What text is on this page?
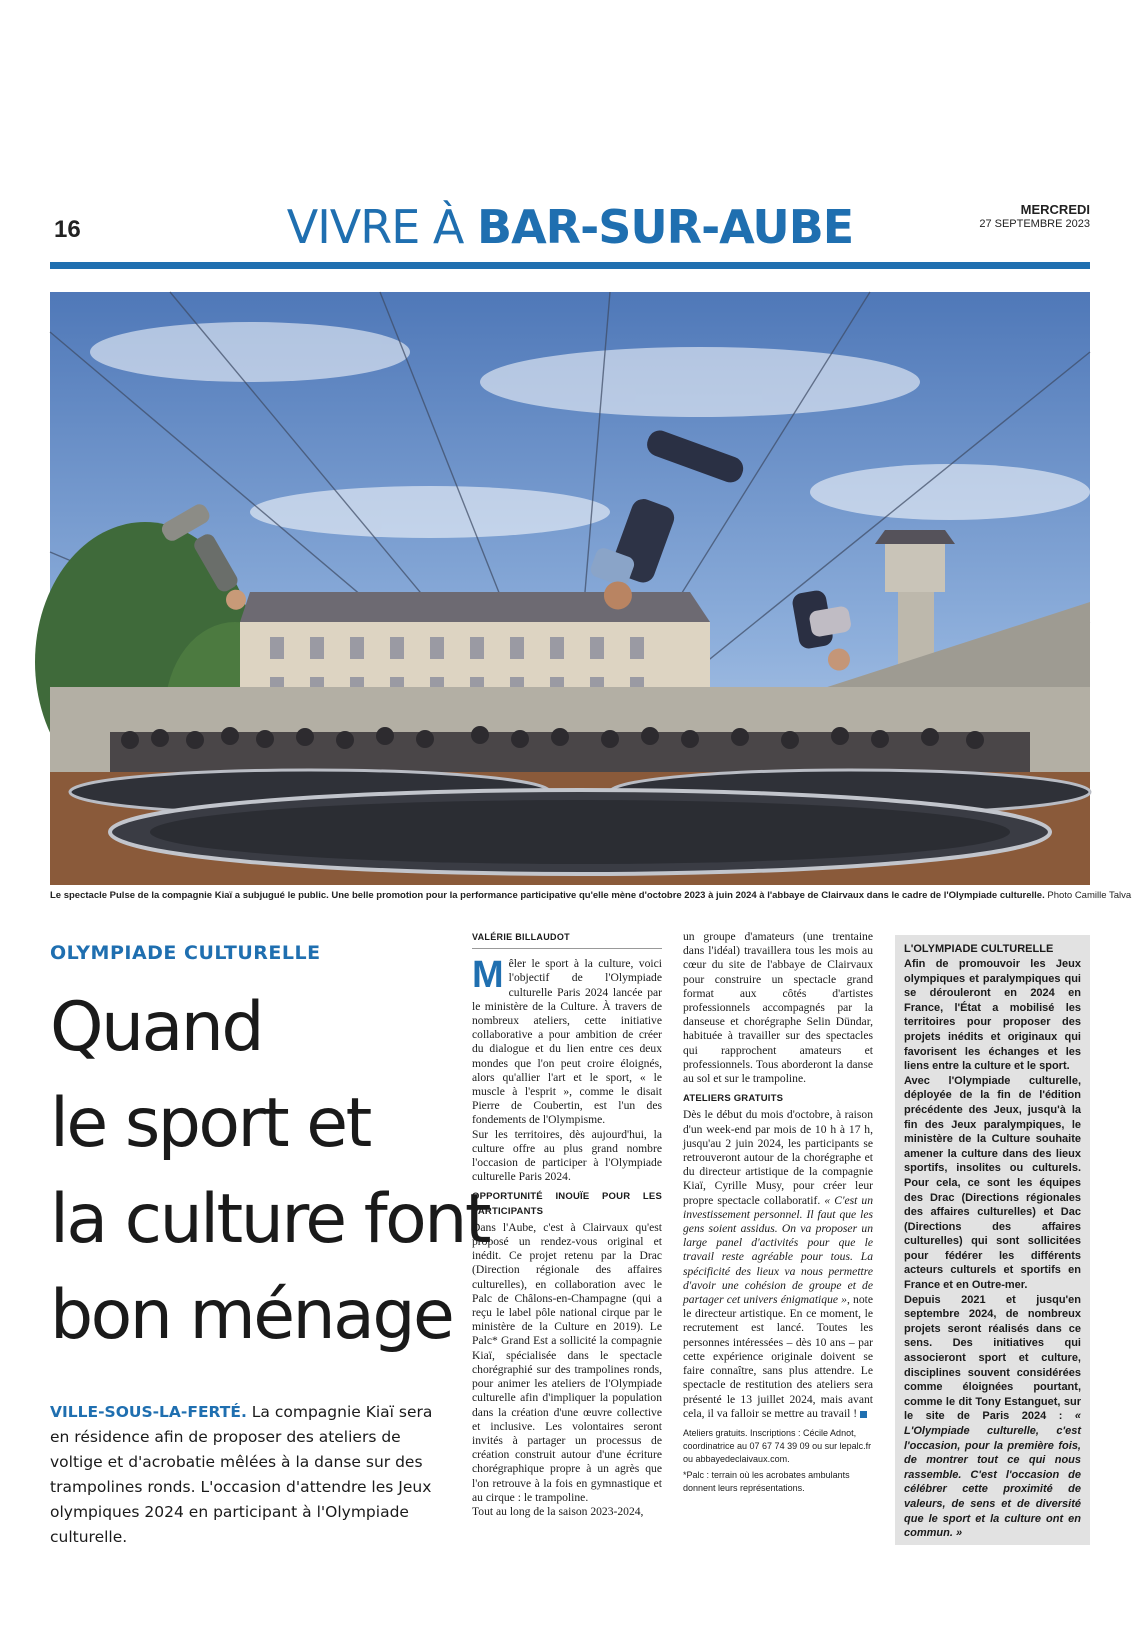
16	VIVRE À BAR-SUR-AUBE	MERCREDI
27 SEPTEMBRE 2023
Le spectacle Pulse de la compagnie Kiaï a subjugué le public. Une belle promotion pour la performance participative qu'elle mène d'octobre 2023 à juin 2024 à l'abbaye de Clairvaux dans le cadre de l'Olympiade culturelle. Photo Camille Talva
OLYMPIADE CULTURELLE
Quand
le sport et
la culture font
bon ménage
VILLE-SOUS-LA-FERTÉ. La compagnie Kiaï sera en résidence afin de proposer des ateliers de voltige et d'acrobatie mêlées à la danse sur des trampolines ronds. L'occasion d'attendre les Jeux olympiques 2024 en participant à l'Olympiade culturelle.
VALÉRIE BILLAUDOT

Mêler le sport à la culture, voici l'objectif de l'Olympiade culturelle Paris 2024 lancée par le ministère de la Culture. À travers de nombreux ateliers, cette initiative collaborative a pour ambition de créer du dialogue et du lien entre ces deux mondes que l'on peut croire éloignés, alors qu'allier l'art et le sport, « le muscle à l'esprit », comme le disait Pierre de Coubertin, est l'un des fondements de l'Olympisme.

Sur les territoires, dès aujourd'hui, la culture offre au plus grand nombre l'occasion de participer à l'Olympiade culturelle Paris 2024.

OPPORTUNITÉ INOUÏE POUR LES PARTICIPANTS

Dans l'Aube, c'est à Clairvaux qu'est proposé un rendez-vous original et inédit. Ce projet retenu par la Drac (Direction régionale des affaires culturelles), en collaboration avec le Palc de Châlons-en-Champagne (qui a reçu le label pôle national cirque par le ministère de la Culture en 2019). Le Palc* Grand Est a sollicité la compagnie Kiaï, spécialisée dans le spectacle chorégraphié sur des trampolines ronds, pour animer les ateliers de l'Olympiade culturelle afin d'impliquer la population dans la création d'une œuvre collective et inclusive. Les volontaires seront invités à partager un processus de création construit autour d'une écriture chorégraphique propre à un agrès que l'on retrouve à la fois en gymnastique et au cirque : le trampoline.

Tout au long de la saison 2023-2024,

un groupe d'amateurs (une trentaine dans l'idéal) travaillera tous les mois au cœur du site de l'abbaye de Clairvaux pour construire un spectacle grand format aux côtés d'artistes professionnels accompagnés par la danseuse et chorégraphe Selin Dündar, habituée à travailler sur des spectacles qui rapprochent amateurs et professionnels. Tous aborderont la danse au sol et sur le trampoline.

ATELIERS GRATUITS

Dès le début du mois d'octobre, à raison d'un week-end par mois de 10 h à 17 h, jusqu'au 2 juin 2024, les participants se retrouveront autour de la chorégraphe et du directeur artistique de la compagnie Kiaï, Cyrille Musy, pour créer leur propre spectacle collaboratif. « C'est un investissement personnel. Il faut que les gens soient assidus. On va proposer un large panel d'activités pour que le travail reste agréable pour tous. La spécificité des lieux va nous permettre d'avoir une cohésion de groupe et de partager cet univers énigmatique », note le directeur artistique. En ce moment, le recrutement est lancé. Toutes les personnes intéressées – dès 10 ans – par cette expérience originale doivent se faire connaître, sans plus attendre. Le spectacle de restitution des ateliers sera présenté le 13 juillet 2024, mais avant cela, il va falloir se mettre au travail !

Ateliers gratuits. Inscriptions : Cécile Adnot, coordinatrice au 07 67 74 39 09 ou sur lepalc.fr ou abbayedeclaivaux.com.
*Palc : terrain où les acrobates ambulants donnent leurs représentations.
L'OLYMPIADE CULTURELLE

Afin de promouvoir les Jeux olympiques et paralympiques qui se dérouleront en 2024 en France, l'État a mobilisé les territoires pour proposer des projets inédits et originaux qui favorisent les échanges et les liens entre la culture et le sport.

Avec l'Olympiade culturelle, déployée de la fin de l'édition précédente des Jeux, jusqu'à la fin des Jeux paralympiques, le ministère de la Culture souhaite amener la culture dans des lieux sportifs, insolites ou culturels. Pour cela, ce sont les équipes des Drac (Directions régionales des affaires culturelles) et Dac (Directions des affaires culturelles) qui sont sollicitées pour fédérer les différents acteurs culturels et sportifs en France et en Outre-mer.

Depuis 2021 et jusqu'en septembre 2024, de nombreux projets seront réalisés dans ce sens. Des initiatives qui associeront sport et culture, disciplines souvent considérées comme éloignées pourtant, comme le dit Tony Estanguet, sur le site de Paris 2024 : « L'Olympiade culturelle, c'est l'occasion, pour la première fois, de montrer tout ce qui nous rassemble. C'est l'occasion de célébrer cette proximité de valeurs, de sens et de diversité que le sport et la culture ont en commun. »
